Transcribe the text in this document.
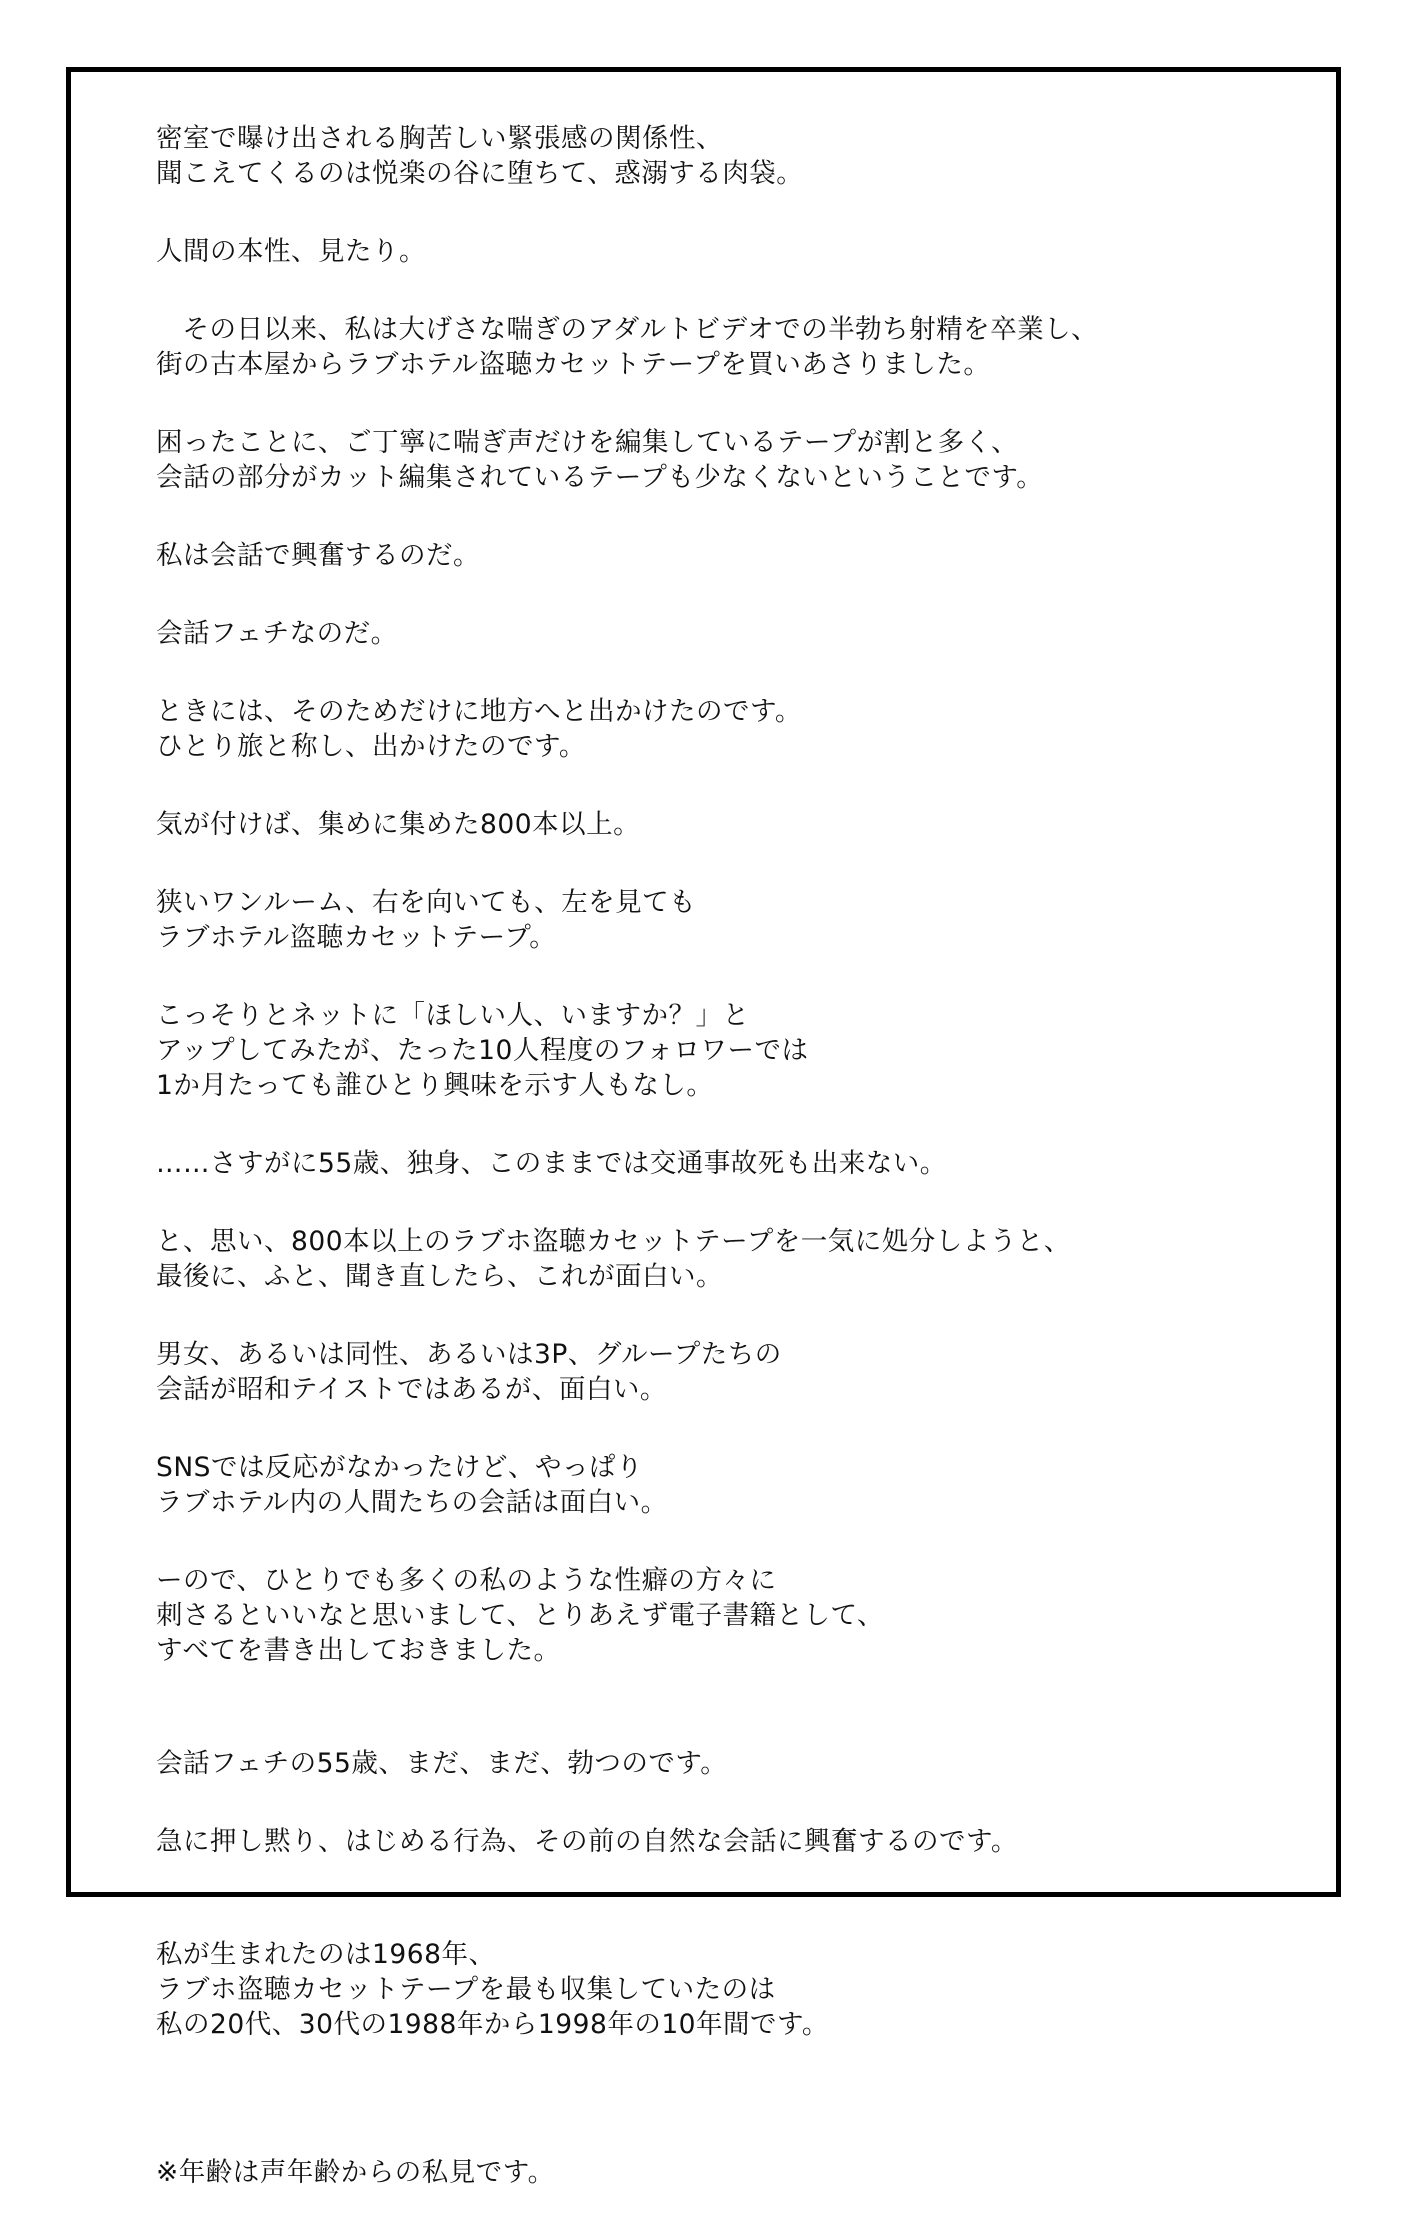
密室で曝け出される胸苦しい緊張感の関係性、
聞こえてくるのは悦楽の谷に堕ちて、惑溺する肉袋。

人間の本性、見たり。

その日以来、私は大げさな喘ぎのアダルトビデオでの半勃ち射精を卒業し、
街の古本屋からラブホテル盗聴カセットテープを買いあさりました。

困ったことに、ご丁寧に喘ぎ声だけを編集しているテープが割と多く、
会話の部分がカット編集されているテープも少なくないということです。

私は会話で興奮するのだ。

会話フェチなのだ。

ときには、そのためだけに地方へと出かけたのです。
ひとり旅と称し、出かけたのです。

気が付けば、集めに集めた800本以上。

狭いワンルーム、右を向いても、左を見ても
ラブホテル盗聴カセットテープ。

こっそりとネットに「ほしい人、いますか？」と
アップしてみたが、たった10人程度のフォロワーでは
1か月たっても誰ひとり興味を示す人もなし。

……さすがに55歳、独身、このままでは交通事故死も出来ない。

と、思い、800本以上のラブホ盗聴カセットテープを一気に処分しようと、
最後に、ふと、聞き直したら、これが面白い。

男女、あるいは同性、あるいは3P、グループたちの
会話が昭和テイストではあるが、面白い。

SNSでは反応がなかったけど、やっぱり
ラブホテル内の人間たちの会話は面白い。

ーので、ひとりでも多くの私のような性癖の方々に
刺さるといいなと思いまして、とりあえず電子書籍として、
すべてを書き出しておきました。

会話フェチの55歳、まだ、まだ、勃つのです。

急に押し黙り、はじめる行為、その前の自然な会話に興奮するのです。

私が生まれたのは1968年、
ラブホ盗聴カセットテープを最も収集していたのは
私の20代、30代の1988年から1998年の10年間です。

※年齢は声年齢からの私見です。
